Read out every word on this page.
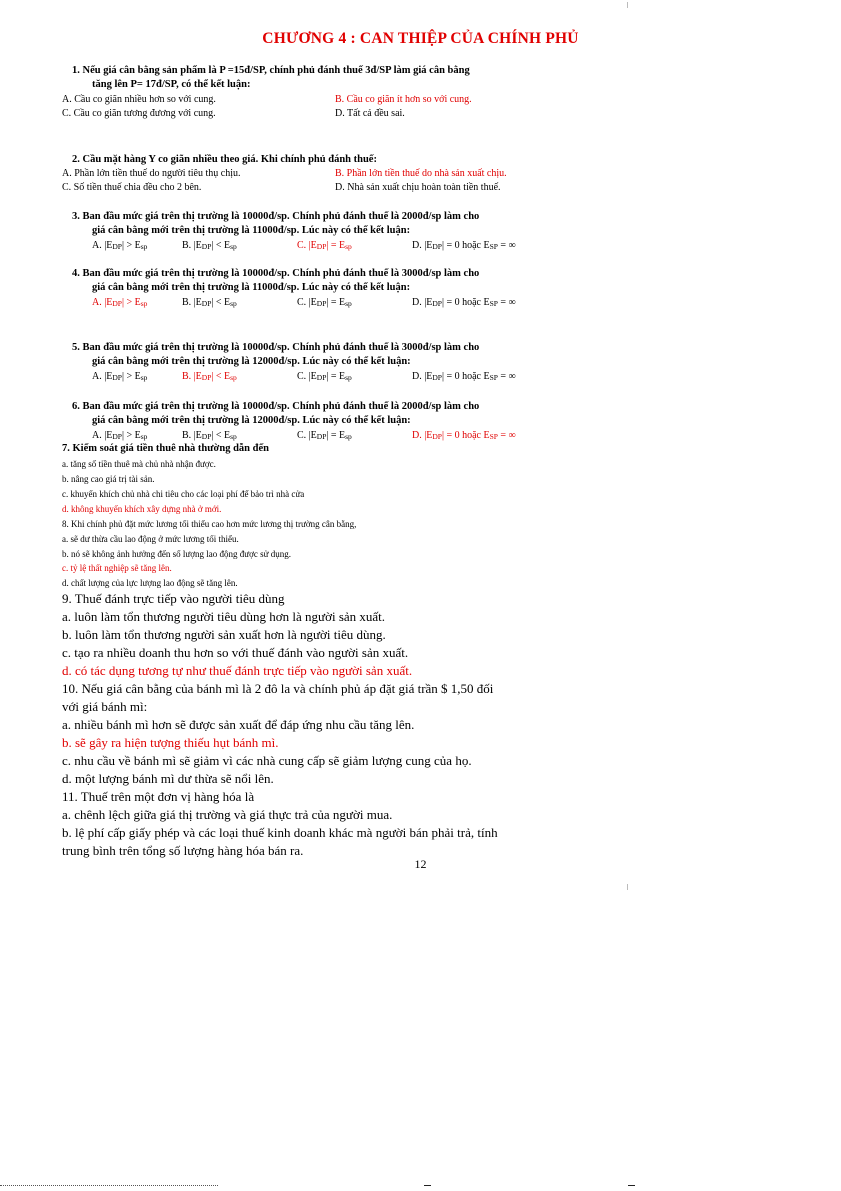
CHƯƠNG 4 : CAN THIỆP CỦA CHÍNH PHỦ
1. Nếu giá cân bằng sản phẩm là P =15đ/SP, chính phủ đánh thuế 3đ/SP làm giá cân bằng
tăng lên P= 17đ/SP, có thể kết luận:
A. Cầu co giãn nhiều hơn so với cung.	B. Cầu co giãn ít hơn so với cung.
C. Cầu co giãn tương đương với cung.	D. Tất cả đều sai.
2. Cầu mặt hàng Y co giãn nhiều theo giá. Khi chính phủ đánh thuế:
A. Phần lớn tiền thuế do người tiêu thụ chịu.	B. Phần lớn tiền thuế do nhà sản xuất chịu.
C. Số tiền thuế chia đều cho 2 bên.	D. Nhà sản xuất chịu hoàn toàn tiền thuế.
3. Ban đầu mức giá trên thị trường là 10000đ/sp. Chính phủ đánh thuế là 2000đ/sp làm cho
giá cân bằng mới trên thị trường là 11000đ/sp. Lúc này có thể kết luận:
A. |EDP| > Esp	B. |EDP| < Esp	C. |EDP| = Esp	D. |EDP| = 0 hoặc ESP = ∞
4. Ban đầu mức giá trên thị trường là 10000đ/sp. Chính phủ đánh thuế là 3000đ/sp làm cho
giá cân bằng mới trên thị trường là 11000đ/sp. Lúc này có thể kết luận:
A. |EDP| > Esp	B. |EDP| < Esp	C. |EDP| = Esp	D. |EDP| = 0 hoặc ESP = ∞
5. Ban đầu mức giá trên thị trường là 10000đ/sp. Chính phủ đánh thuế là 3000đ/sp làm cho
giá cân bằng mới trên thị trường là 12000đ/sp. Lúc này có thể kết luận:
A. |EDP| > Esp	B. |EDP| < Esp	C. |EDP| = Esp	D. |EDP| = 0 hoặc ESP = ∞
6. Ban đầu mức giá trên thị trường là 10000đ/sp. Chính phủ đánh thuế là 2000đ/sp làm cho
giá cân bằng mới trên thị trường là 12000đ/sp. Lúc này có thể kết luận:
A. |EDP| > Esp	B. |EDP| < Esp	C. |EDP| = Esp	D. |EDP| = 0 hoặc ESP = ∞
7. Kiểm soát giá tiền thuê nhà thường dẫn đến
a. tăng số tiền thuê mà chủ nhà nhận được.
b. nâng cao giá trị tài sản.
c. khuyến khích chủ nhà chi tiêu cho các loại phí để bảo trì nhà cửa
d. không khuyến khích xây dựng nhà ở mới.
8. Khi chính phủ đặt mức lương tối thiểu cao hơn mức lương thị trường cân bằng,
a. sẽ dư thừa cầu lao động ở mức lương tối thiểu.
b. nó sẽ không ảnh hưởng đến số lượng lao động được sử dụng.
c. tỷ lệ thất nghiệp sẽ tăng lên.
d. chất lượng của lực lượng lao động sẽ tăng lên.
9. Thuế đánh trực tiếp vào người tiêu dùng
a. luôn làm tổn thương người tiêu dùng hơn là người sản xuất.
b. luôn làm tổn thương người sản xuất hơn là người tiêu dùng.
c. tạo ra nhiều doanh thu hơn so với thuế đánh vào người sản xuất.
d. có tác dụng tương tự như thuế đánh trực tiếp vào người sản xuất.
10. Nếu giá cân bằng của bánh mì là 2 đô la và chính phủ áp đặt giá trần $ 1,50 đối
với giá bánh mì:
a. nhiều bánh mì hơn sẽ được sản xuất để đáp ứng nhu cầu tăng lên.
b. sẽ gây ra hiện tượng thiếu hụt bánh mì.
c. nhu cầu về bánh mì sẽ giảm vì các nhà cung cấp sẽ giảm lượng cung của họ.
d. một lượng bánh mì dư thừa sẽ nổi lên.
11. Thuế trên một đơn vị hàng hóa là
a. chênh lệch giữa giá thị trường và giá thực trả của người mua.
b. lệ phí cấp giấy phép và các loại thuế kinh doanh khác mà người bán phải trả, tính
trung bình trên tổng số lượng hàng hóa bán ra.
12
